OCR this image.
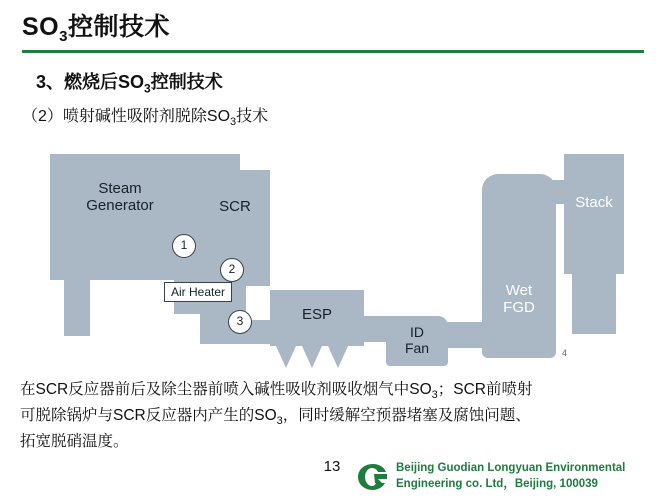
$SO_3$控制技术
3、燃烧后$SO_3$控制技术
（2）喷射碱性吸附剂脱除$SO_3$技术
Steam
Generator	SCR	Stack
ESP
ID
Fan
Wet
FGD
1
2
3
Air Heater
4
在SCR反应器前后及除尘器前喷入碱性吸收剂吸收烟气中$SO_3$；SCR前喷射
可脱除锅炉与SCR反应器内产生的$SO_3$，同时缓解空预器堵塞及腐蚀问题、
拓宽脱硝温度。
13	Beijing Guodian Longyuan Environmental
Engineering co. Ltd，Beijing, 100039
